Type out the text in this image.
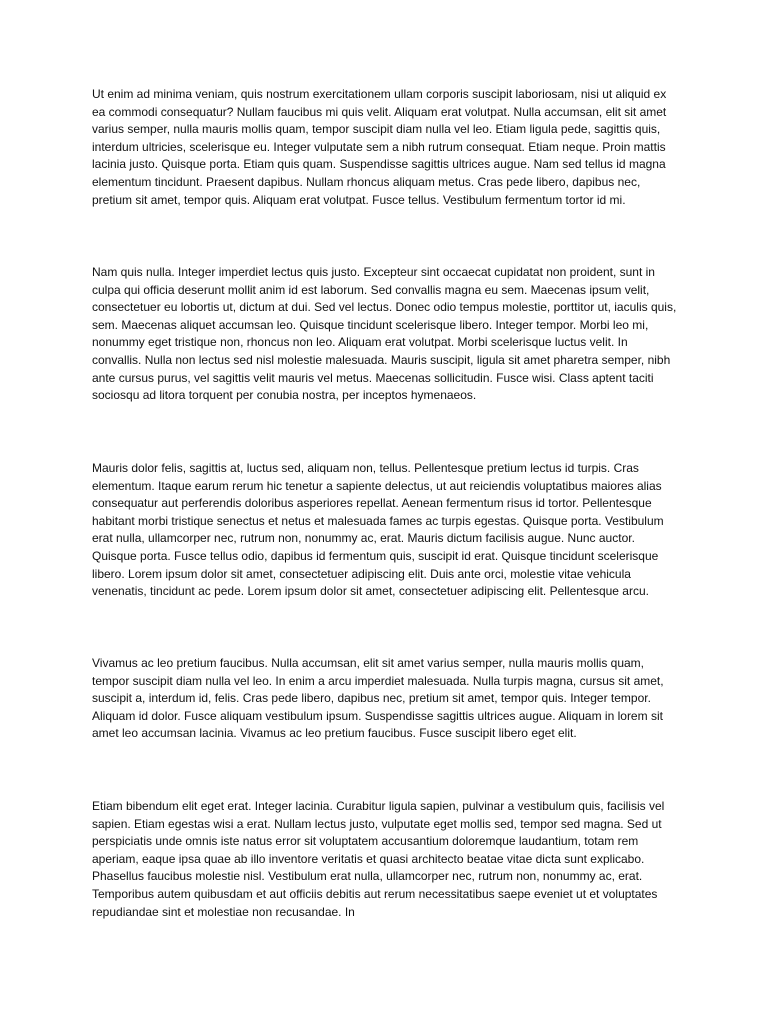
Ut enim ad minima veniam, quis nostrum exercitationem ullam corporis suscipit laboriosam, nisi ut aliquid ex ea commodi consequatur? Nullam faucibus mi quis velit. Aliquam erat volutpat. Nulla accumsan, elit sit amet varius semper, nulla mauris mollis quam, tempor suscipit diam nulla vel leo. Etiam ligula pede, sagittis quis, interdum ultricies, scelerisque eu. Integer vulputate sem a nibh rutrum consequat. Etiam neque. Proin mattis lacinia justo. Quisque porta. Etiam quis quam. Suspendisse sagittis ultrices augue. Nam sed tellus id magna elementum tincidunt. Praesent dapibus. Nullam rhoncus aliquam metus. Cras pede libero, dapibus nec, pretium sit amet, tempor quis. Aliquam erat volutpat. Fusce tellus. Vestibulum fermentum tortor id mi.

Nam quis nulla. Integer imperdiet lectus quis justo. Excepteur sint occaecat cupidatat non proident, sunt in culpa qui officia deserunt mollit anim id est laborum. Sed convallis magna eu sem. Maecenas ipsum velit, consectetuer eu lobortis ut, dictum at dui. Sed vel lectus. Donec odio tempus molestie, porttitor ut, iaculis quis, sem. Maecenas aliquet accumsan leo. Quisque tincidunt scelerisque libero. Integer tempor. Morbi leo mi, nonummy eget tristique non, rhoncus non leo. Aliquam erat volutpat. Morbi scelerisque luctus velit. In convallis. Nulla non lectus sed nisl molestie malesuada. Mauris suscipit, ligula sit amet pharetra semper, nibh ante cursus purus, vel sagittis velit mauris vel metus. Maecenas sollicitudin. Fusce wisi. Class aptent taciti sociosqu ad litora torquent per conubia nostra, per inceptos hymenaeos.

Mauris dolor felis, sagittis at, luctus sed, aliquam non, tellus. Pellentesque pretium lectus id turpis. Cras elementum. Itaque earum rerum hic tenetur a sapiente delectus, ut aut reiciendis voluptatibus maiores alias consequatur aut perferendis doloribus asperiores repellat. Aenean fermentum risus id tortor. Pellentesque habitant morbi tristique senectus et netus et malesuada fames ac turpis egestas. Quisque porta. Vestibulum erat nulla, ullamcorper nec, rutrum non, nonummy ac, erat. Mauris dictum facilisis augue. Nunc auctor. Quisque porta. Fusce tellus odio, dapibus id fermentum quis, suscipit id erat. Quisque tincidunt scelerisque libero. Lorem ipsum dolor sit amet, consectetuer adipiscing elit. Duis ante orci, molestie vitae vehicula venenatis, tincidunt ac pede. Lorem ipsum dolor sit amet, consectetuer adipiscing elit. Pellentesque arcu.

Vivamus ac leo pretium faucibus. Nulla accumsan, elit sit amet varius semper, nulla mauris mollis quam, tempor suscipit diam nulla vel leo. In enim a arcu imperdiet malesuada. Nulla turpis magna, cursus sit amet, suscipit a, interdum id, felis. Cras pede libero, dapibus nec, pretium sit amet, tempor quis. Integer tempor. Aliquam id dolor. Fusce aliquam vestibulum ipsum. Suspendisse sagittis ultrices augue. Aliquam in lorem sit amet leo accumsan lacinia. Vivamus ac leo pretium faucibus. Fusce suscipit libero eget elit.

Etiam bibendum elit eget erat. Integer lacinia. Curabitur ligula sapien, pulvinar a vestibulum quis, facilisis vel sapien. Etiam egestas wisi a erat. Nullam lectus justo, vulputate eget mollis sed, tempor sed magna. Sed ut perspiciatis unde omnis iste natus error sit voluptatem accusantium doloremque laudantium, totam rem aperiam, eaque ipsa quae ab illo inventore veritatis et quasi architecto beatae vitae dicta sunt explicabo. Phasellus faucibus molestie nisl. Vestibulum erat nulla, ullamcorper nec, rutrum non, nonummy ac, erat. Temporibus autem quibusdam et aut officiis debitis aut rerum necessitatibus saepe eveniet ut et voluptates repudiandae sint et molestiae non recusandae. In
